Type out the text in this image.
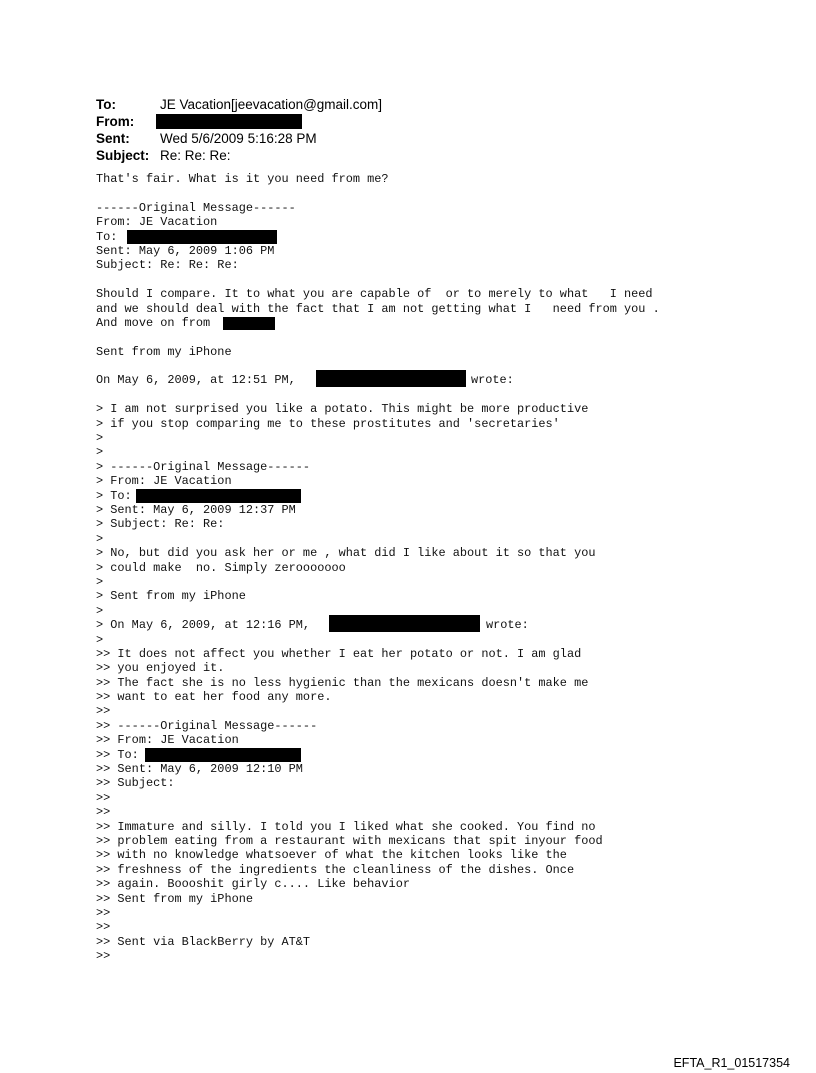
To:	JE Vacation[jeevacation@gmail.com]
From:
Sent: Wed 5/6/2009 5:16:28 PM
Subject: Re: Re: Re:
That's fair. What is it you need from me?
------Original Message------
From: JE Vacation
To:
Sent: May 6, 2009 1:06 PM
Subject: Re: Re: Re:
Should I compare. It to what you are capable of  or to merely to what   I need
and we should deal with the fact that I am not getting what I   need from you .
And move on from
Sent from my iPhone
On May 6, 2009, at 12:51 PM,	wrote:
> I am not surprised you like a potato. This might be more productive
> if you stop comparing me to these prostitutes and 'secretaries'
>
>
> ------Original Message------
> From: JE Vacation
> To:
> Sent: May 6, 2009 12:37 PM
> Subject: Re: Re:
>
> No, but did you ask her or me , what did I like about it so that you
> could make  no. Simply zerooooooo
>
> Sent from my iPhone
>
> On May 6, 2009, at 12:16 PM,	wrote:
>
>> It does not affect you whether I eat her potato or not. I am glad
>> you enjoyed it.
>> The fact she is no less hygienic than the mexicans doesn't make me
>> want to eat her food any more.
>>
>> ------Original Message------
>> From: JE Vacation
>> To:
>> Sent: May 6, 2009 12:10 PM
>> Subject:
>>
>>
>> Immature and silly. I told you I liked what she cooked. You find no
>> problem eating from a restaurant with mexicans that spit inyour food
>> with no knowledge whatsoever of what the kitchen looks like the
>> freshness of the ingredients the cleanliness of the dishes. Once
>> again. Boooshit girly c.... Like behavior
>> Sent from my iPhone
>>
>>
>> Sent via BlackBerry by AT&T
>>
EFTA_R1_01517354
